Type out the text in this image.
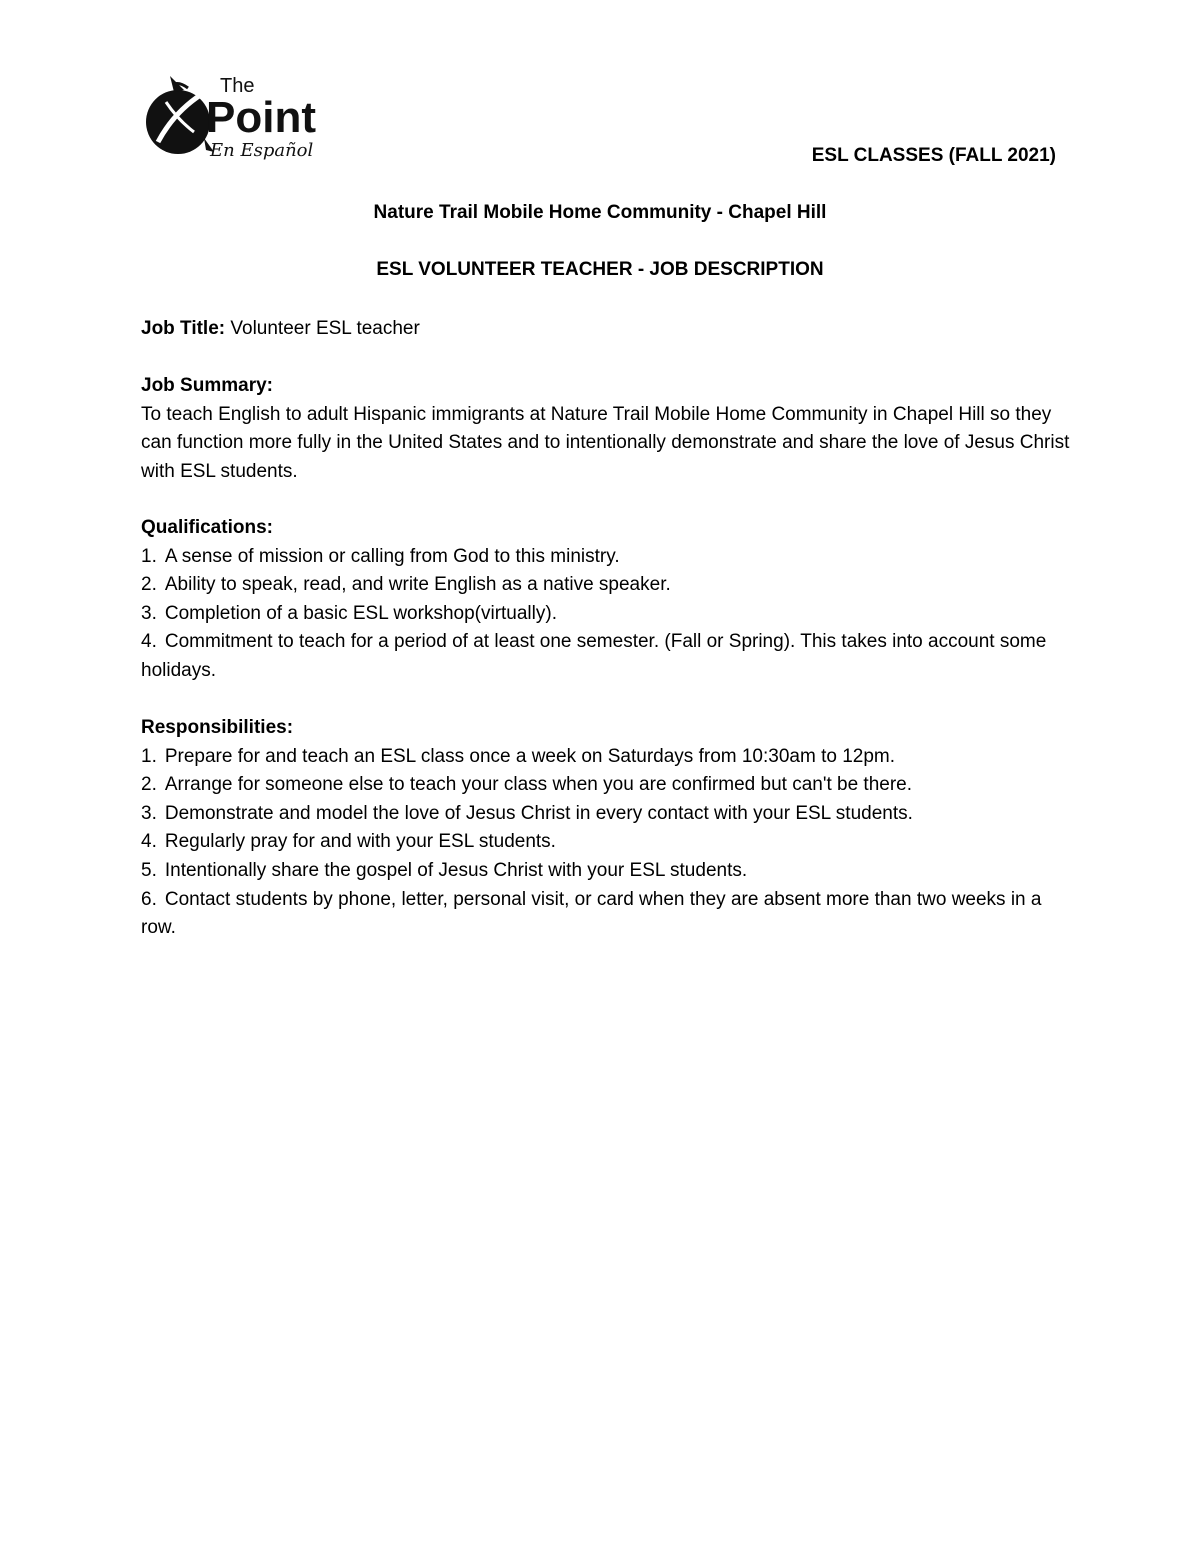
The
Point
En Español	ESL CLASSES (FALL 2021)
Nature Trail Mobile Home Community - Chapel Hill
ESL VOLUNTEER TEACHER - JOB DESCRIPTION
Job Title: Volunteer ESL teacher
Job Summary:
To teach English to adult Hispanic immigrants at Nature Trail Mobile Home Community in Chapel Hill so they can function more fully in the United States and to intentionally demonstrate and share the love of Jesus Christ with ESL students.
Qualifications:
1. A sense of mission or calling from God to this ministry.
2. Ability to speak, read, and write English as a native speaker.
3. Completion of a basic ESL workshop(virtually).
4. Commitment to teach for a period of at least one semester. (Fall or Spring). This takes into account some holidays.
Responsibilities:
1. Prepare for and teach an ESL class once a week on Saturdays from 10:30am to 12pm.
2. Arrange for someone else to teach your class when you are confirmed but can't be there.
3. Demonstrate and model the love of Jesus Christ in every contact with your ESL students.
4. Regularly pray for and with your ESL students.
5. Intentionally share the gospel of Jesus Christ with your ESL students.
6. Contact students by phone, letter, personal visit, or card when they are absent more than two weeks in a row.
